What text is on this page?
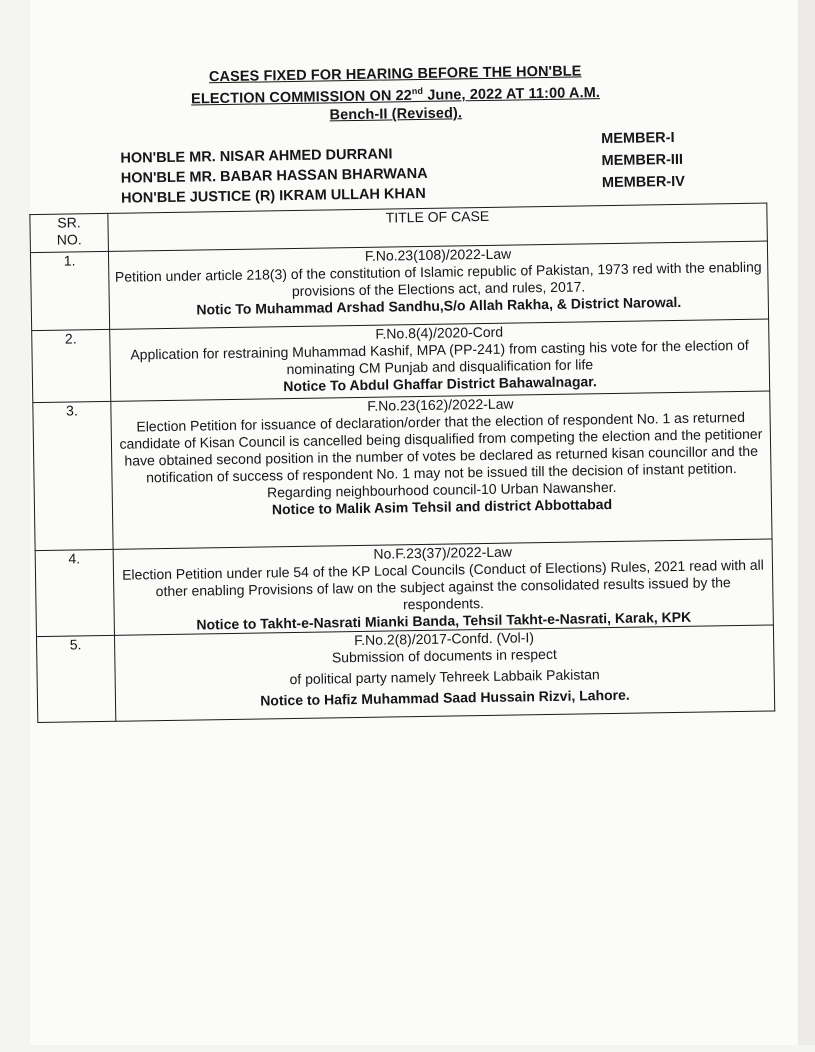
CASES FIXED FOR HEARING BEFORE THE HON'BLE
ELECTION COMMISSION ON 22nd June, 2022 AT 11:00 A.M.
Bench-II (Revised).
HON'BLE MR. NISAR AHMED DURRANI
HON'BLE MR. BABAR HASSAN BHARWANA
HON'BLE JUSTICE (R) IKRAM ULLAH KHAN
MEMBER-I
MEMBER-III
MEMBER-IV
SR.
NO.	TITLE OF CASE
1.	F.No.23(108)/2022-Law
Petition under article 218(3) of the constitution of Islamic republic of Pakistan, 1973 red with the enabling provisions of the Elections act, and rules, 2017.
Notic To Muhammad Arshad Sandhu,S/o Allah Rakha, & District Narowal.

2.	F.No.8(4)/2020-Cord
Application for restraining Muhammad Kashif, MPA (PP-241) from casting his vote for the election of nominating CM Punjab and disqualification for life
Notice To Abdul Ghaffar District Bahawalnagar.

3.	F.No.23(162)/2022-Law
Election Petition for issuance of declaration/order that the election of respondent No. 1 as returned candidate of Kisan Council is cancelled being disqualified from competing the election and the petitioner have obtained second position in the number of votes be declared as returned kisan councillor and the notification of success of respondent No. 1 may not be issued till the decision of instant petition. Regarding neighbourhood council-10 Urban Nawansher.
Notice to Malik Asim Tehsil and district Abbottabad

4.	No.F.23(37)/2022-Law
Election Petition under rule 54 of the KP Local Councils (Conduct of Elections) Rules, 2021 read with all other enabling Provisions of law on the subject against the consolidated results issued by the respondents.
Notice to Takht-e-Nasrati Mianki Banda, Tehsil Takht-e-Nasrati, Karak, KPK

5.	F.No.2(8)/2017-Confd. (Vol-I)
Submission of documents in respect
of political party namely Tehreek Labbaik Pakistan
Notice to Hafiz Muhammad Saad Hussain Rizvi, Lahore.
